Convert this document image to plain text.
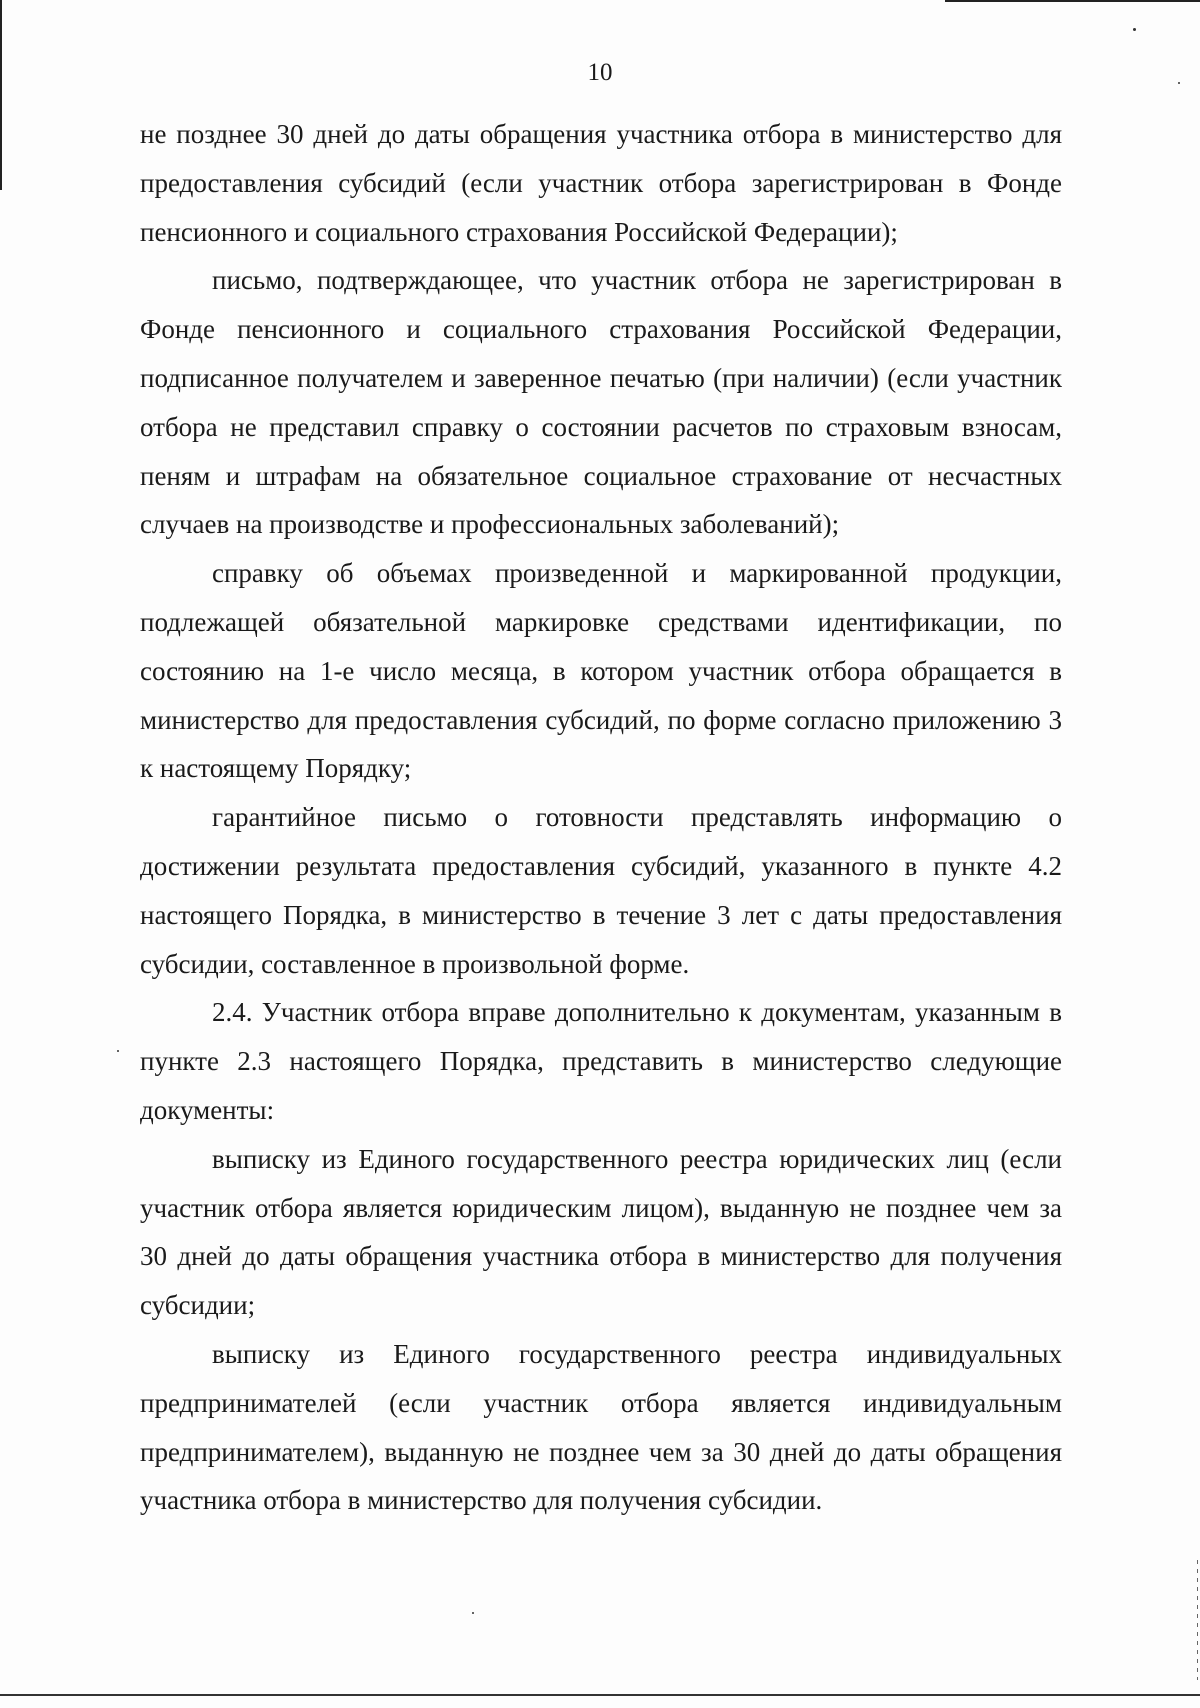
10

не позднее 30 дней до даты обращения участника отбора в министерство для предоставления субсидий (если участник отбора зарегистрирован в Фонде пенсионного и социального страхования Российской Федерации);

письмо, подтверждающее, что участник отбора не зарегистрирован в Фонде пенсионного и социального страхования Российской Федерации, подписанное получателем и заверенное печатью (при наличии) (если участник отбора не представил справку о состоянии расчетов по страховым взносам, пеням и штрафам на обязательное социальное страхование от несчастных случаев на производстве и профессиональных заболеваний);

справку об объемах произведенной и маркированной продукции, подлежащей обязательной маркировке средствами идентификации, по состоянию на 1-е число месяца, в котором участник отбора обращается в министерство для предоставления субсидий, по форме согласно приложению 3 к настоящему Порядку;

гарантийное письмо о готовности представлять информацию о достижении результата предоставления субсидий, указанного в пункте 4.2 настоящего Порядка, в министерство в течение 3 лет с даты предоставления субсидии, составленное в произвольной форме.

2.4. Участник отбора вправе дополнительно к документам, указанным в пункте 2.3 настоящего Порядка, представить в министерство следующие документы:

выписку из Единого государственного реестра юридических лиц (если участник отбора является юридическим лицом), выданную не позднее чем за 30 дней до даты обращения участника отбора в министерство для получения субсидии;

выписку из Единого государственного реестра индивидуальных предпринимателей (если участник отбора является индивидуальным предпринимателем), выданную не позднее чем за 30 дней до даты обращения участника отбора в министерство для получения субсидии.
